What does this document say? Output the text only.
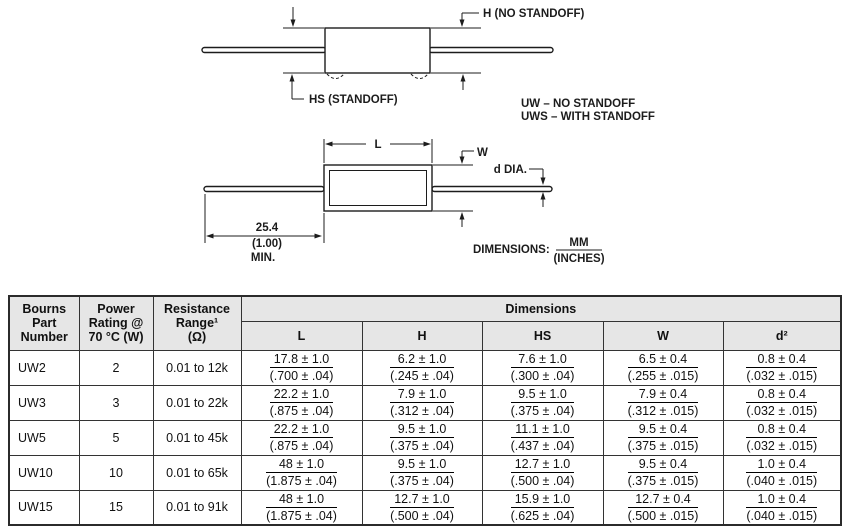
H (NO STANDOFF)
HS (STANDOFF)	UW – NO STANDOFF
UWS – WITH STANDOFF
L
W
d DIA.
25.4
(1.00)
MIN.
DIMENSIONS:
MM
(INCHES)
Bourns
Part
Number

Power
Rating @
70 °C (W)

Resistance
Range¹
(Ω)
	Dimensions
			L	H	HS	W	d²
UW2	2	0.01 to 12k	$\frac{17.8 \pm 1.0}{(.700 \pm .04)}$	$\frac{6.2 \pm 1.0}{(.245 \pm .04)}$	$\frac{7.6 \pm 1.0}{(.300 \pm .04)}$	$\frac{6.5 \pm 0.4}{(.255 \pm .015)}$	$\frac{0.8 \pm 0.4}{(.032 \pm .015)}$

UW3	3	0.01 to 22k	$\frac{22.2 \pm 1.0}{(.875 \pm .04)}$	$\frac{7.9 \pm 1.0}{(.312 \pm .04)}$	$\frac{9.5 \pm 1.0}{(.375 \pm .04)}$	$\frac{7.9 \pm 0.4}{(.312 \pm .015)}$	$\frac{0.8 \pm 0.4}{(.032 \pm .015)}$

UW5	5	0.01 to 45k	$\frac{22.2 \pm 1.0}{(.875 \pm .04)}$	$\frac{9.5 \pm 1.0}{(.375 \pm .04)}$	$\frac{11.1 \pm 1.0}{(.437 \pm .04)}$	$\frac{9.5 \pm 0.4}{(.375 \pm .015)}$	$\frac{0.8 \pm 0.4}{(.032 \pm .015)}$

UW10	10	0.01 to 65k	$\frac{48 \pm 1.0}{(1.875 \pm .04)}$	$\frac{9.5 \pm 1.0}{(.375 \pm .04)}$	$\frac{12.7 \pm 1.0}{(.500 \pm .04)}$	$\frac{9.5 \pm 0.4}{(.375 \pm .015)}$	$\frac{1.0 \pm 0.4}{(.040 \pm .015)}$

UW15	15	0.01 to 91k	$\frac{48 \pm 1.0}{(1.875 \pm .04)}$	$\frac{12.7 \pm 1.0}{(.500 \pm .04)}$	$\frac{15.9 \pm 1.0}{(.625 \pm .04)}$	$\frac{12.7 \pm 0.4}{(.500 \pm .015)}$	$\frac{1.0 \pm 0.4}{(.040 \pm .015)}$
